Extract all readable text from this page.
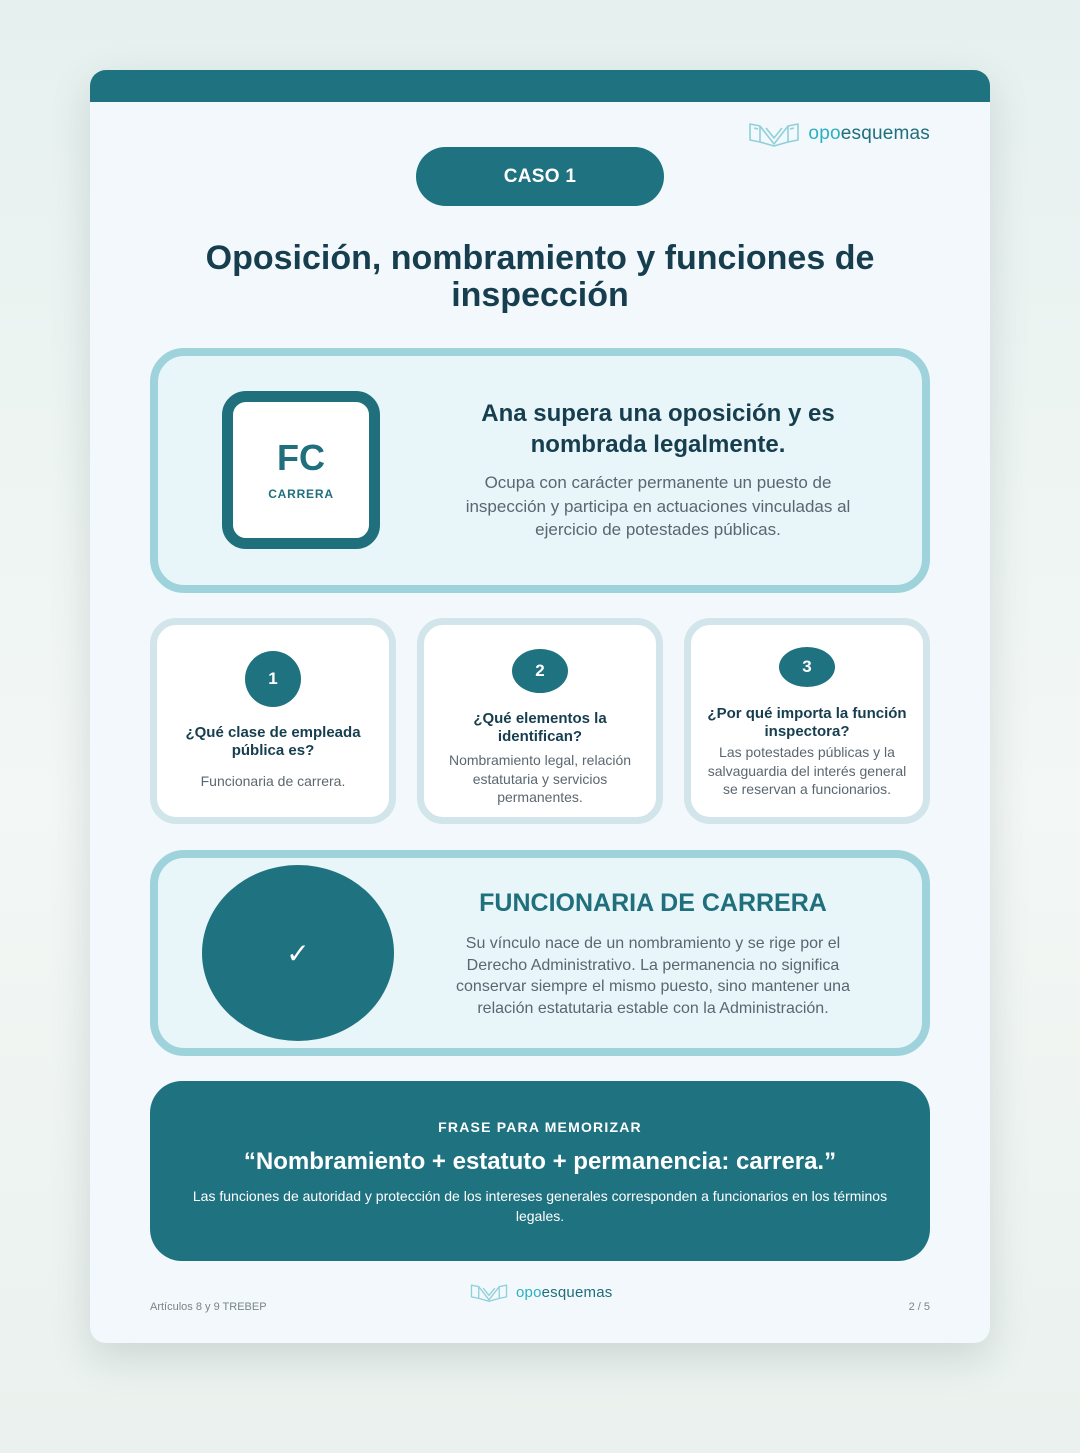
opo esquemas
CASO 1
Oposición, nombramiento y funciones de inspección
FC
CARRERA
Ana supera una oposición y es nombrada legalmente.
Ocupa con carácter permanente un puesto de inspección y participa en actuaciones vinculadas al ejercicio de potestades públicas.
1
¿Qué clase de empleada pública es?
Funcionaria de carrera.
2
¿Qué elementos la identifican?
Nombramiento legal, relación estatutaria y servicios permanentes.
3
¿Por qué importa la función inspectora?
Las potestades públicas y la salvaguardia del interés general se reservan a funcionarios.
✓
FUNCIONARIA DE CARRERA
Su vínculo nace de un nombramiento y se rige por el Derecho Administrativo. La permanencia no significa conservar siempre el mismo puesto, sino mantener una relación estatutaria estable con la Administración.
FRASE PARA MEMORIZAR
“Nombramiento + estatuto + permanencia: carrera.”
Las funciones de autoridad y protección de los intereses generales corresponden a funcionarios en los términos legales.
Artículos 8 y 9 TREBEP
opo esquemas
2 / 5
